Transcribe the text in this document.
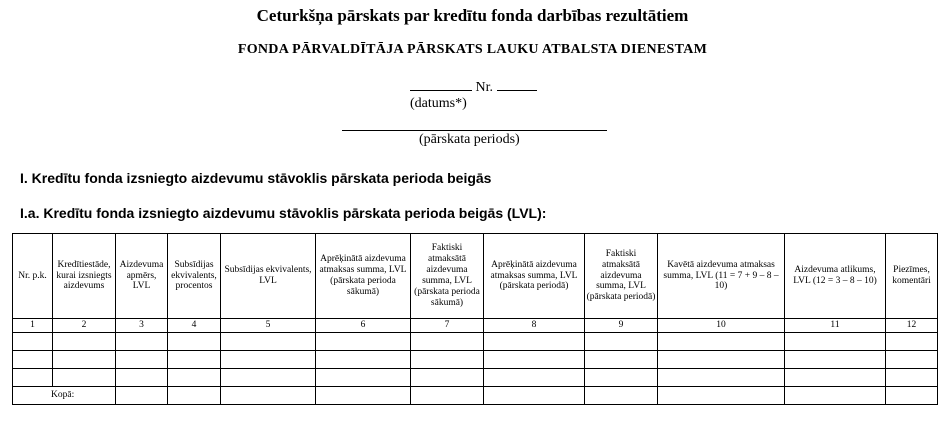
Ceturkšņa pārskats par kredītu fonda darbības rezultātiem
FONDA PĀRVALDĪTĀJA PĀRSKATS LAUKU ATBALSTA DIENESTAM
Nr.
(datums*)
(pārskata periods)
I. Kredītu fonda izsniegto aizdevumu stāvoklis pārskata perioda beigās
I.a. Kredītu fonda izsniegto aizdevumu stāvoklis pārskata perioda beigās (LVL):
Nr. p.k.	Kredītiestāde, kurai izsniegts aizdevums	Aizdevuma apmērs, LVL	Subsīdijas ekvivalents, procentos	Subsīdijas ekvivalents, LVL	Aprēķinātā aizdevuma atmaksas summa, LVL (pārskata perioda sākumā)	Faktiski atmaksātā aizdevuma summa, LVL (pārskata perioda sākumā)	Aprēķinātā aizdevuma atmaksas summa, LVL (pārskata periodā)	Faktiski atmaksātā aizdevuma summa, LVL (pārskata periodā)	Kavētā aizdevuma atmaksas summa, LVL (11 = 7 + 9 – 8 – 10)	Aizdevuma atlikums, LVL (12 = 3 – 8 – 10)	Piezīmes, komentāri
1	2	3	4	5	6	7	8	9	10	11	12

Kopā:											
